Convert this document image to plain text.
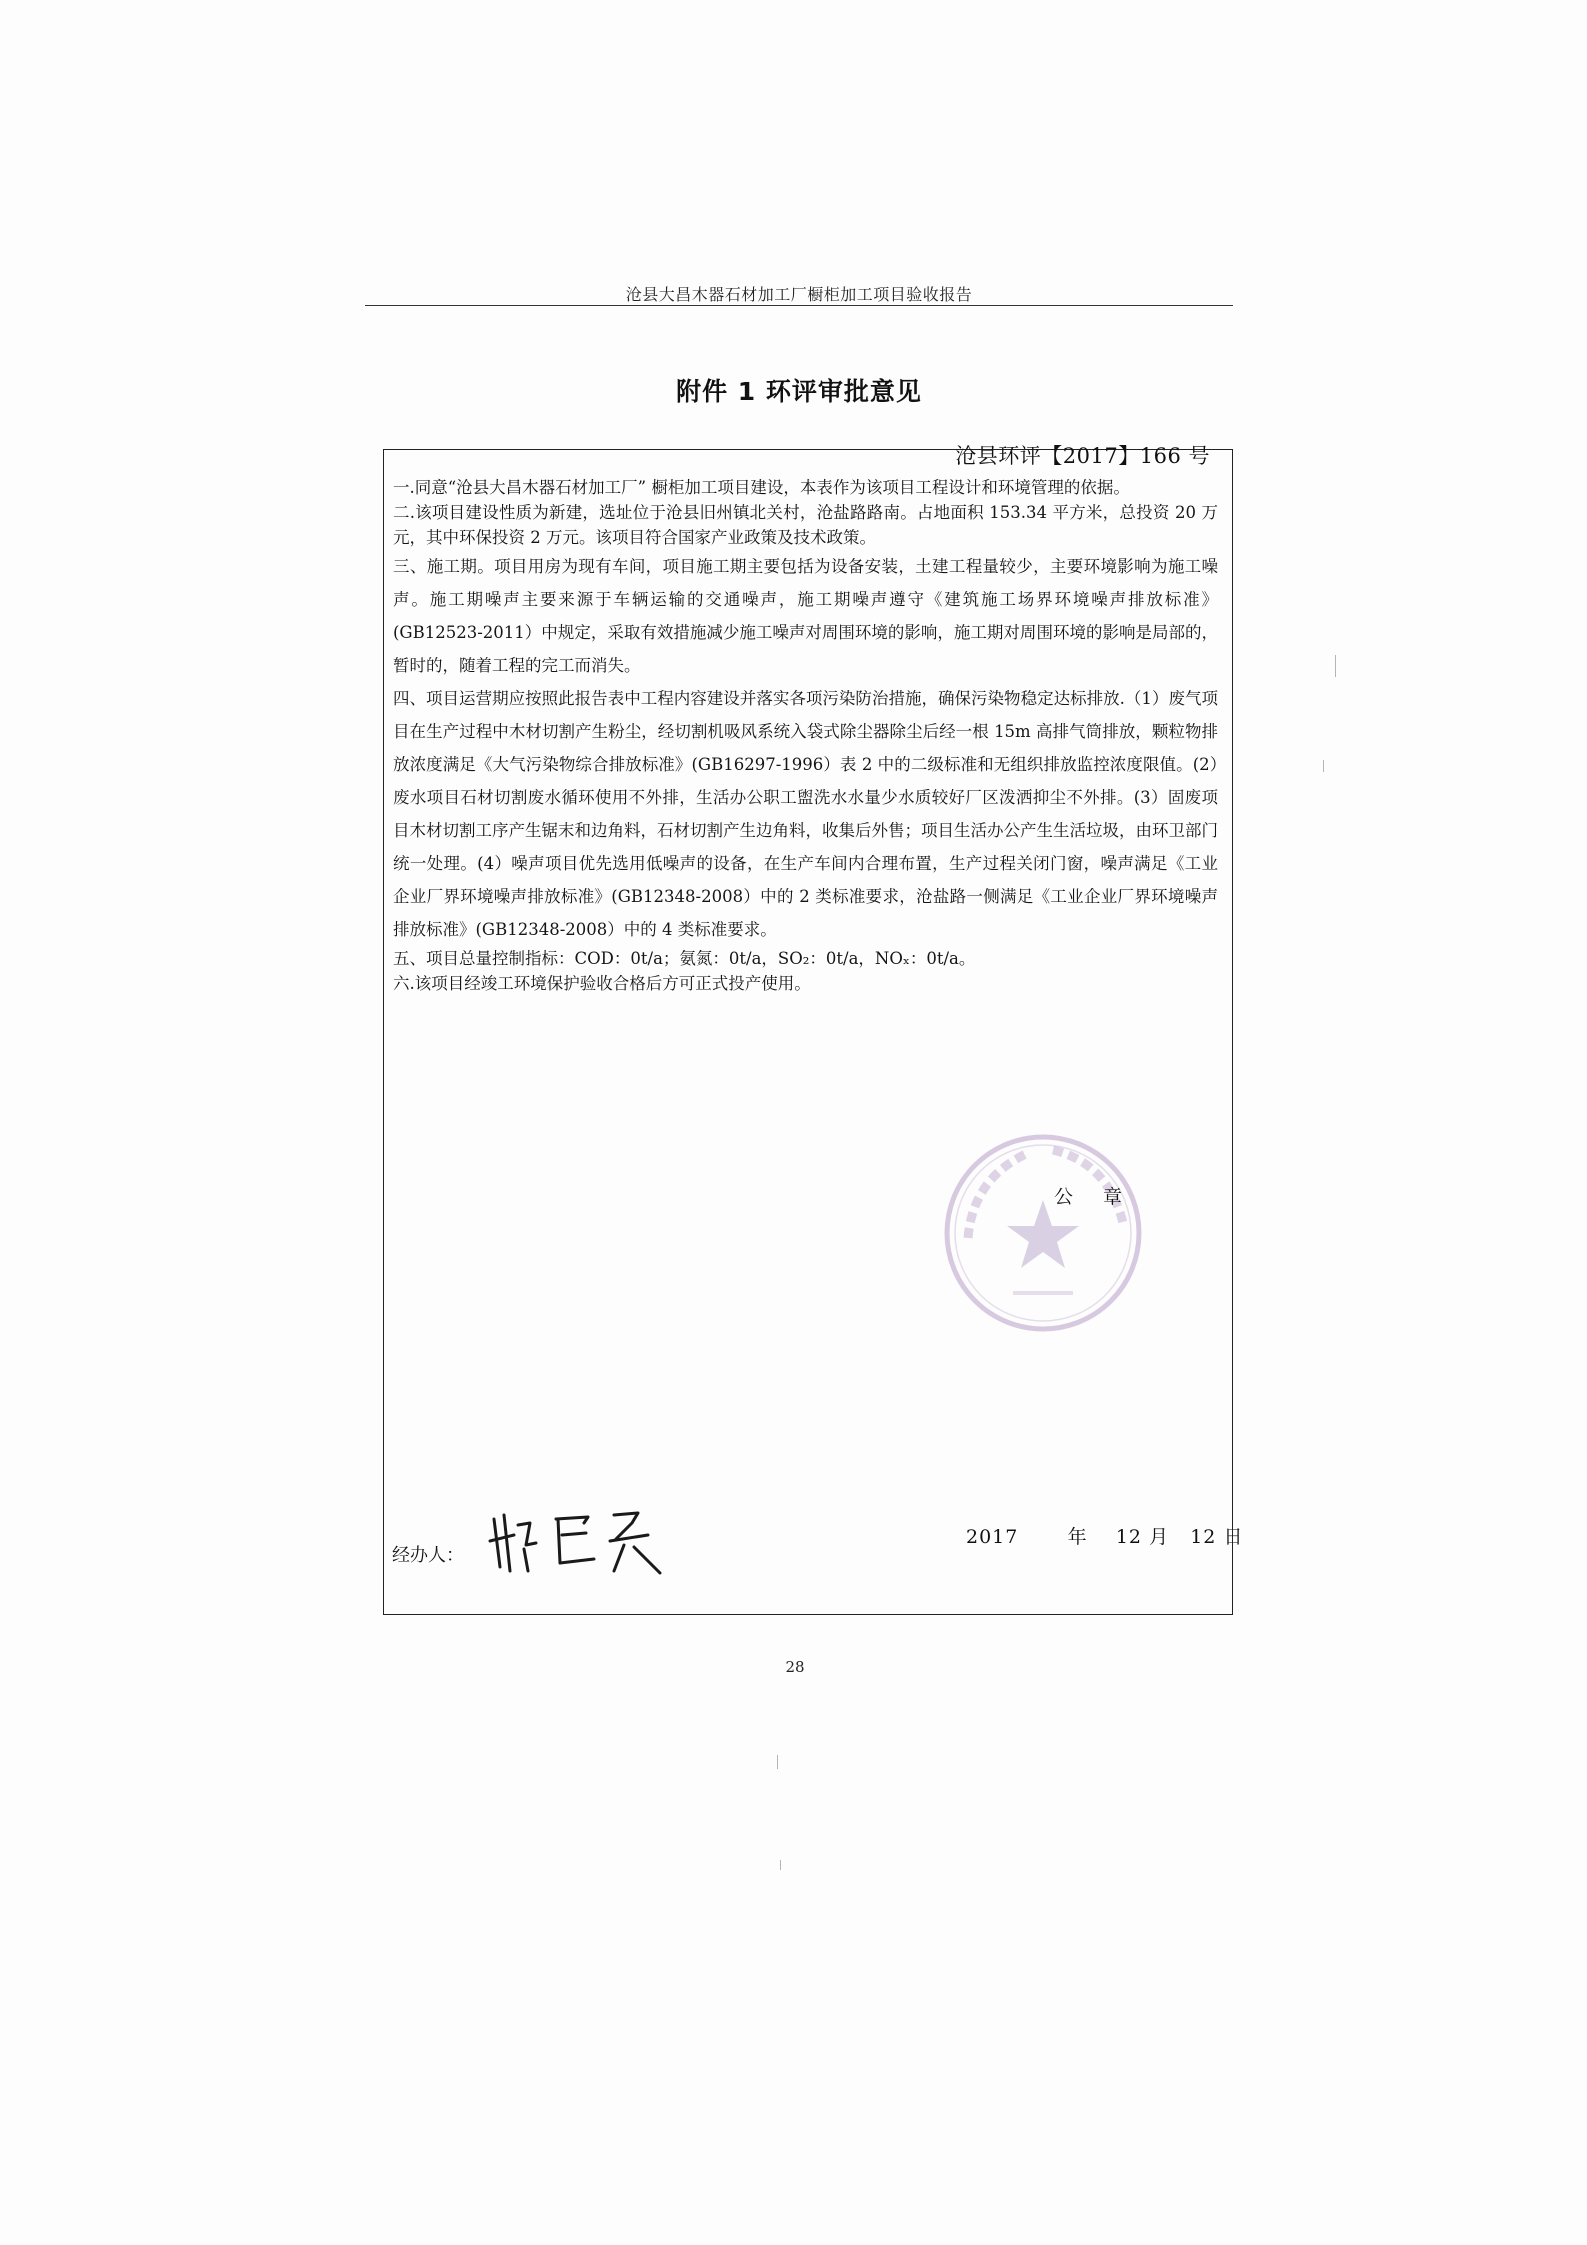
沧县大昌木器石材加工厂橱柜加工项目验收报告
附件 1 环评审批意见
沧县环评【2017】166 号

一.同意“沧县大昌木器石材加工厂” 橱柜加工项目建设，本表作为该项目工程设计和环境管理的依据。

二.该项目建设性质为新建，选址位于沧县旧州镇北关村，沧盐路路南。占地面积 153.34 平方米，总投资 20 万元，其中环保投资 2 万元。该项目符合国家产业政策及技术政策。

三、施工期。项目用房为现有车间，项目施工期主要包括为设备安装，土建工程量较少，主要环境影响为施工噪声。施工期噪声主要来源于车辆运输的交通噪声，施工期噪声遵守《建筑施工场界环境噪声排放标准》(GB12523-2011）中规定，采取有效措施减少施工噪声对周围环境的影响，施工期对周围环境的影响是局部的，暂时的，随着工程的完工而消失。

四、项目运营期应按照此报告表中工程内容建设并落实各项污染防治措施，确保污染物稳定达标排放.（1）废气项目在生产过程中木材切割产生粉尘，经切割机吸风系统入袋式除尘器除尘后经一根 15m 高排气筒排放，颗粒物排放浓度满足《大气污染物综合排放标准》(GB16297-1996）表 2 中的二级标准和无组织排放监控浓度限值。(2）废水项目石材切割废水循环使用不外排，生活办公职工盥洗水水量少水质较好厂区泼洒抑尘不外排。(3）固废项目木材切割工序产生锯末和边角料，石材切割产生边角料，收集后外售；项目生活办公产生生活垃圾，由环卫部门统一处理。(4）噪声项目优先选用低噪声的设备，在生产车间内合理布置，生产过程关闭门窗，噪声满足《工业企业厂界环境噪声排放标准》(GB12348-2008）中的 2 类标准要求，沧盐路一侧满足《工业企业厂界环境噪声排放标准》(GB12348-2008）中的 4 类标准要求。

五、项目总量控制指标：COD：0t/a；氨氮：0t/a，SO₂：0t/a，NOₓ：0t/a。

六.该项目经竣工环境保护验收合格后方可正式投产使用。

公 章
2017	年 12 月 12 日
经办人：
28
